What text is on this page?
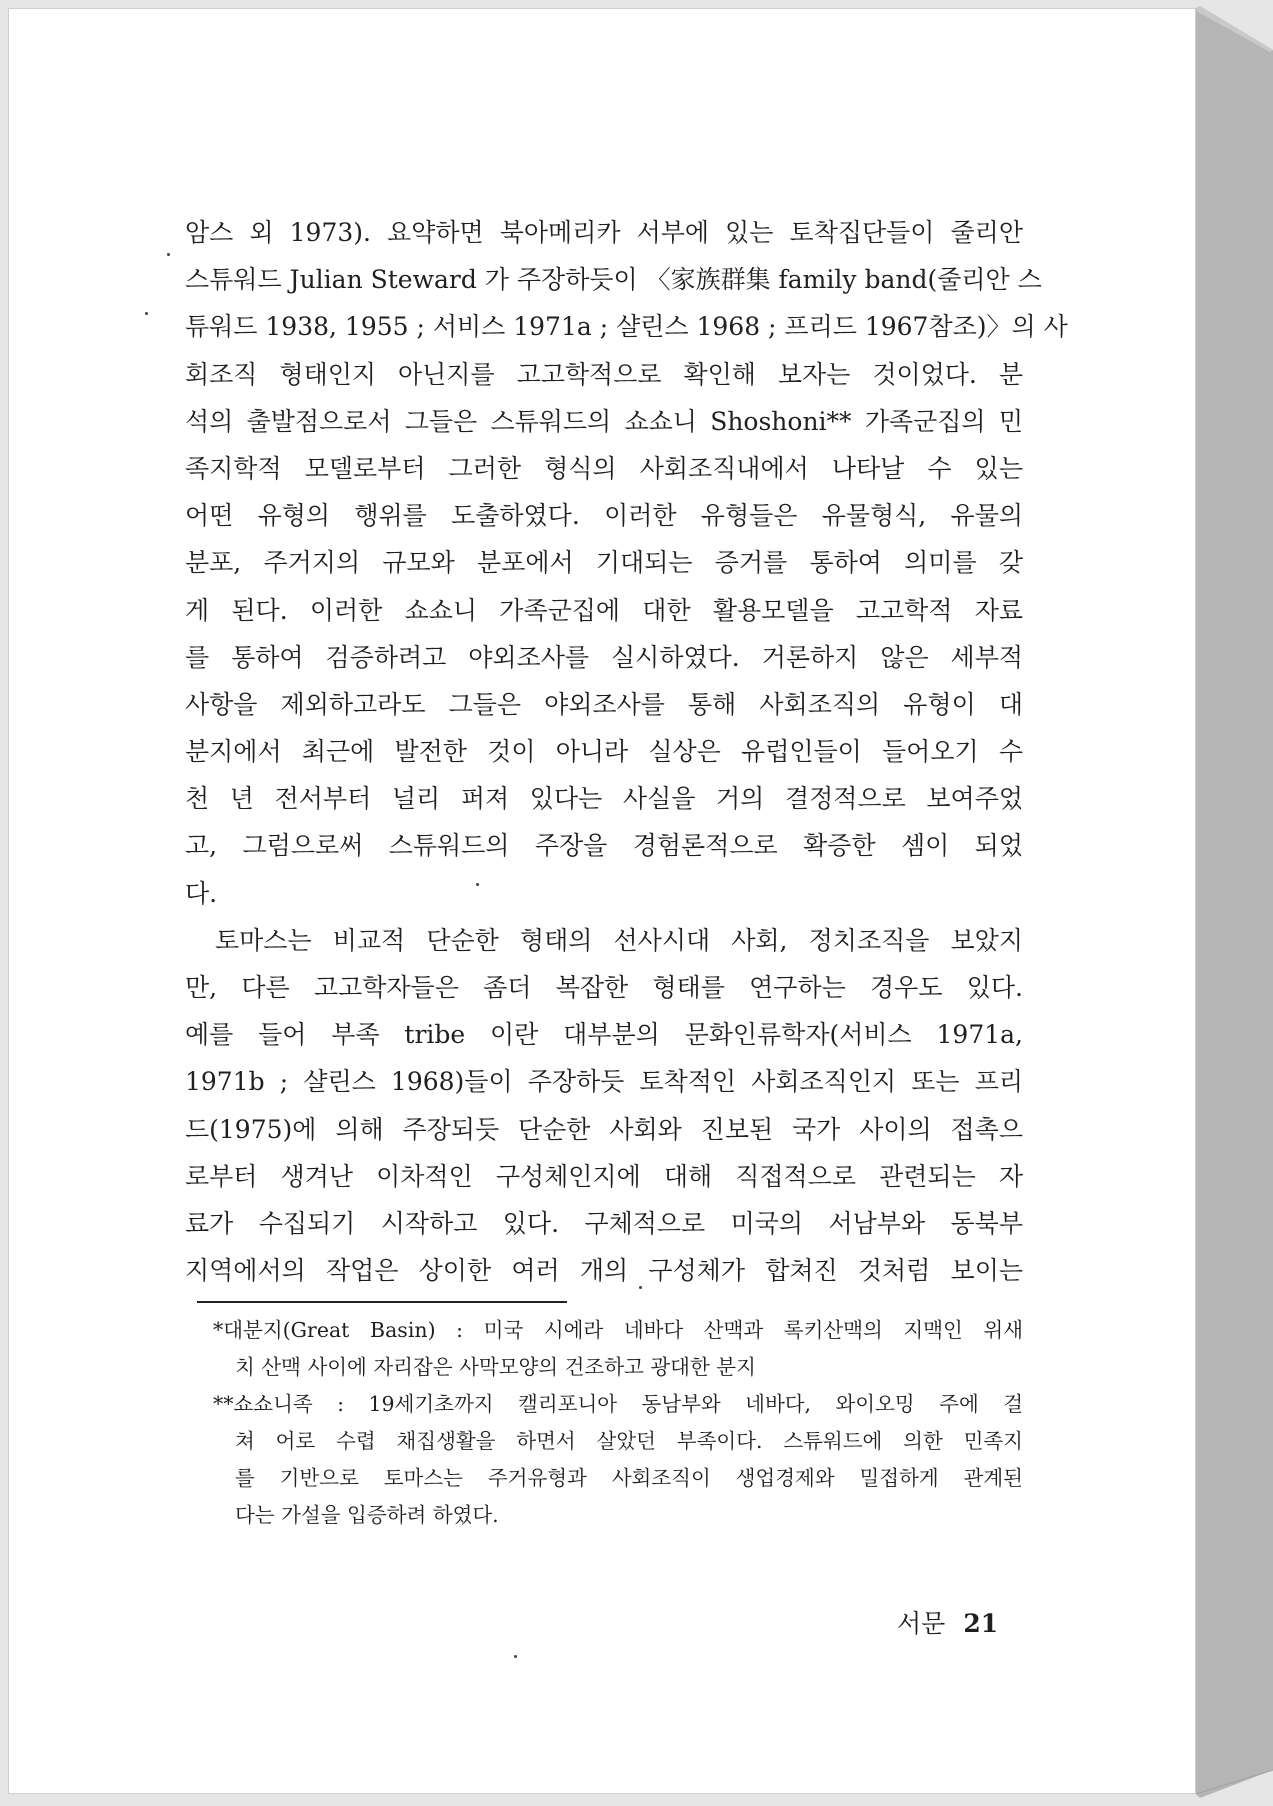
암스 외 1973). 요약하면 북아메리카 서부에 있는 토착집단들이 줄리안
스튜워드 Julian Steward 가 주장하듯이 〈家族群集 family band(줄리안 스
튜워드 1938, 1955 ; 서비스 1971a ; 샬린스 1968 ; 프리드 1967참조)〉의 사
회조직 형태인지 아닌지를 고고학적으로 확인해 보자는 것이었다. 분
석의 출발점으로서 그들은 스튜워드의 쇼쇼니 Shoshoni** 가족군집의 민
족지학적 모델로부터 그러한 형식의 사회조직내에서 나타날 수 있는
어떤 유형의 행위를 도출하였다. 이러한 유형들은 유물형식, 유물의
분포, 주거지의 규모와 분포에서 기대되는 증거를 통하여 의미를 갖
게 된다. 이러한 쇼쇼니 가족군집에 대한 활용모델을 고고학적 자료
를 통하여 검증하려고 야외조사를 실시하였다. 거론하지 않은 세부적
사항을 제외하고라도 그들은 야외조사를 통해 사회조직의 유형이 대
분지에서 최근에 발전한 것이 아니라 실상은 유럽인들이 들어오기 수
천 년 전서부터 널리 퍼져 있다는 사실을 거의 결정적으로 보여주었
고, 그럼으로써 스튜워드의 주장을 경험론적으로 확증한 셈이 되었
다.
토마스는 비교적 단순한 형태의 선사시대 사회, 정치조직을 보았지
만, 다른 고고학자들은 좀더 복잡한 형태를 연구하는 경우도 있다.
예를 들어 부족 tribe 이란 대부분의 문화인류학자(서비스 1971a,
1971b ; 샬린스 1968)들이 주장하듯 토착적인 사회조직인지 또는 프리
드(1975)에 의해 주장되듯 단순한 사회와 진보된 국가 사이의 접촉으
로부터 생겨난 이차적인 구성체인지에 대해 직접적으로 관련되는 자
료가 수집되기 시작하고 있다. 구체적으로 미국의 서남부와 동북부
지역에서의 작업은 상이한 여러 개의 구성체가 합쳐진 것처럼 보이는
*대분지(Great Basin) : 미국 시에라 네바다 산맥과 록키산맥의 지맥인 위새
치 산맥 사이에 자리잡은 사막모양의 건조하고 광대한 분지
**쇼쇼니족 : 19세기초까지 캘리포니아 동남부와 네바다, 와이오밍 주에 걸
쳐 어로 수렵 채집생활을 하면서 살았던 부족이다. 스튜워드에 의한 민족지
를 기반으로 토마스는 주거유형과 사회조직이 생업경제와 밀접하게 관계된
다는 가설을 입증하려 하였다.
서문 21
